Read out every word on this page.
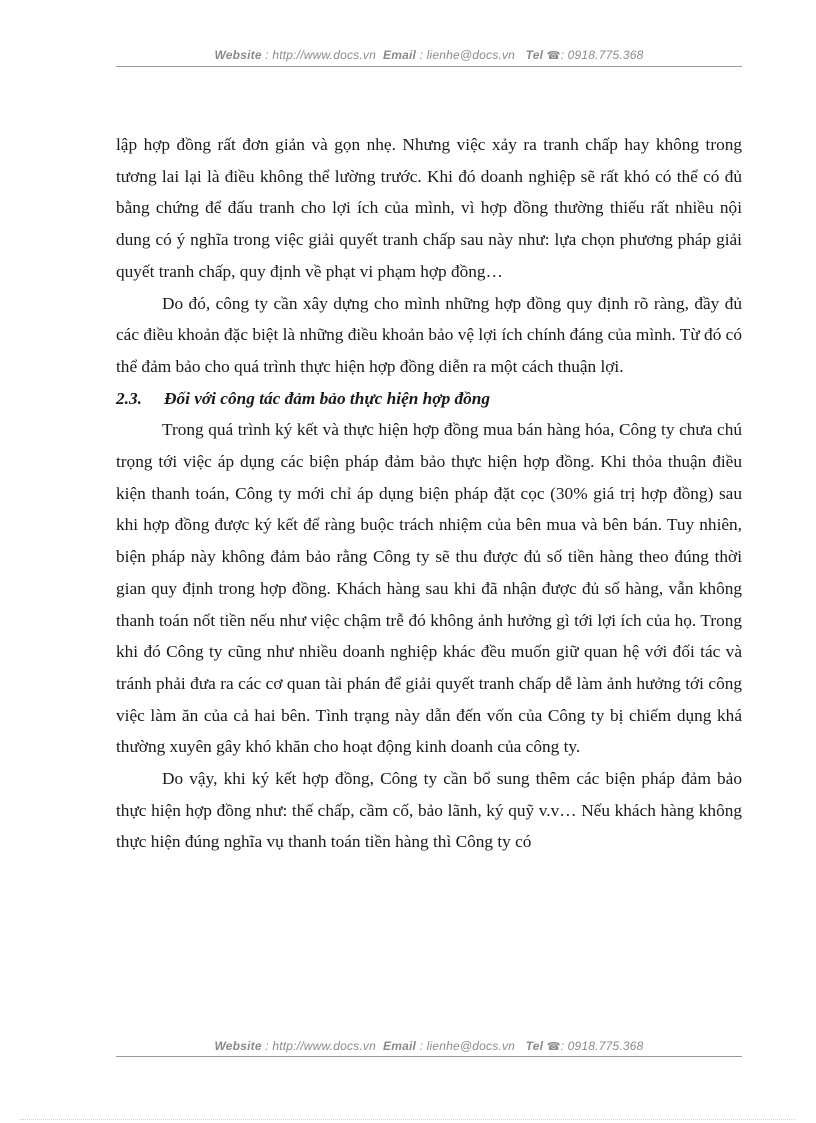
Website : http://www.docs.vn Email : lienhe@docs.vn Tel ☎: 0918.775.368

lập hợp đồng rất đơn giản và gọn nhẹ. Nhưng việc xảy ra tranh chấp hay không trong tương lai lại là điều không thể lường trước. Khi đó doanh nghiệp sẽ rất khó có thể có đủ bằng chứng để đấu tranh cho lợi ích của mình, vì hợp đồng thường thiếu rất nhiều nội dung có ý nghĩa trong việc giải quyết tranh chấp sau này như: lựa chọn phương pháp giải quyết tranh chấp, quy định về phạt vi phạm hợp đồng…

Do đó, công ty cần xây dựng cho mình những hợp đồng quy định rõ ràng, đầy đủ các điều khoản đặc biệt là những điều khoản bảo vệ lợi ích chính đáng của mình. Từ đó có thể đảm bảo cho quá trình thực hiện hợp đồng diễn ra một cách thuận lợi.

2.3. Đối với công tác đảm bảo thực hiện hợp đồng

Trong quá trình ký kết và thực hiện hợp đồng mua bán hàng hóa, Công ty chưa chú trọng tới việc áp dụng các biện pháp đảm bảo thực hiện hợp đồng. Khi thỏa thuận điều kiện thanh toán, Công ty mới chỉ áp dụng biện pháp đặt cọc (30% giá trị hợp đồng) sau khi hợp đồng được ký kết để ràng buộc trách nhiệm của bên mua và bên bán. Tuy nhiên, biện pháp này không đảm bảo rằng Công ty sẽ thu được đủ số tiền hàng theo đúng thời gian quy định trong hợp đồng. Khách hàng sau khi đã nhận được đủ số hàng, vẫn không thanh toán nốt tiền nếu như việc chậm trễ đó không ảnh hưởng gì tới lợi ích của họ. Trong khi đó Công ty cũng như nhiều doanh nghiệp khác đều muốn giữ quan hệ với đối tác và tránh phải đưa ra các cơ quan tài phán để giải quyết tranh chấp dễ làm ảnh hưởng tới công việc làm ăn của cả hai bên. Tình trạng này dẫn đến vốn của Công ty bị chiếm dụng khá thường xuyên gây khó khăn cho hoạt động kinh doanh của công ty.

Do vậy, khi ký kết hợp đồng, Công ty cần bổ sung thêm các biện pháp đảm bảo thực hiện hợp đồng như: thế chấp, cầm cố, bảo lãnh, ký quỹ v.v… Nếu khách hàng không thực hiện đúng nghĩa vụ thanh toán tiền hàng thì Công ty có

Website : http://www.docs.vn Email : lienhe@docs.vn Tel ☎: 0918.775.368
